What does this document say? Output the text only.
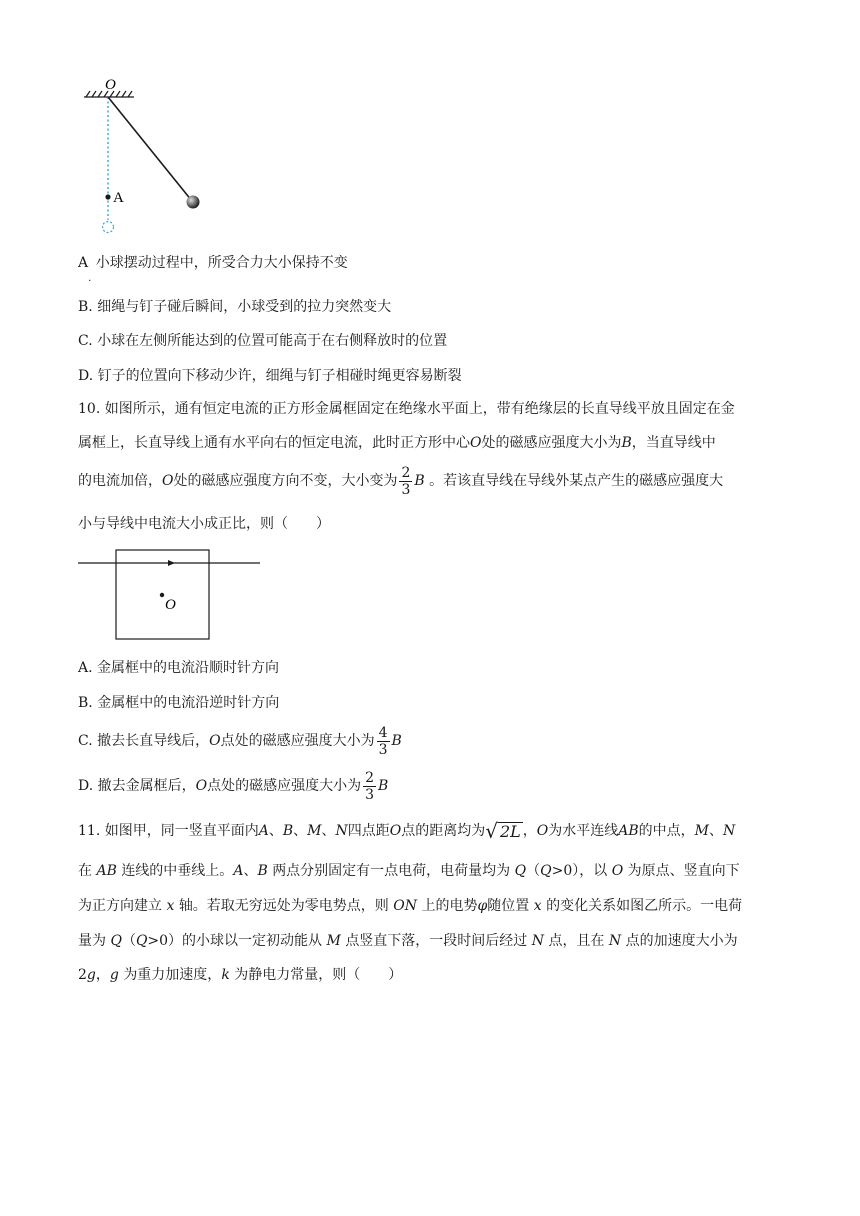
O
A
$A_.$ 小球摆动过程中，所受合力大小保持不变
B. 细绳与钉子碰后瞬间，小球受到的拉力突然变大
C. 小球在左侧所能达到的位置可能高于在右侧释放时的位置
D. 钉子的位置向下移动少许，细绳与钉子相碰时绳更容易断裂
10. 如图所示，通有恒定电流的正方形金属框固定在绝缘水平面上，带有绝缘层的长直导线平放且固定在金
属框上，长直导线上通有水平向右的恒定电流，此时正方形中心O处的磁感应强度大小为B，当直导线中
的电流加倍，O处的磁感应强度方向不变，大小变为 $\frac{2}{3}$ B 。若该直导线在导线外某点产生的磁感应强度大
小与导线中电流大小成正比，则（　　）
O
A. 金属框中的电流沿顺时针方向
B. 金属框中的电流沿逆时针方向
C. 撤去长直导线后，O点处的磁感应强度大小为 $\frac{4}{3}$ B
D. 撤去金属框后，O点处的磁感应强度大小为 $\frac{2}{3}$ B
11. 如图甲，同一竖直平面内A、B、M、N四点距O点的距离均为 √ 2L ，O为水平连线AB的中点，M、N
在 AB 连线的中垂线上。A、B 两点分别固定有一点电荷，电荷量均为 Q（Q>0），以 O 为原点、竖直向下
为正方向建立 x 轴。若取无穷远处为零电势点，则 ON 上的电势φ随位置 x 的变化关系如图乙所示。一电荷
量为 Q（Q>0）的小球以一定初动能从 M 点竖直下落，一段时间后经过 N 点，且在 N 点的加速度大小为
2g，g 为重力加速度，k 为静电力常量，则（　　）
